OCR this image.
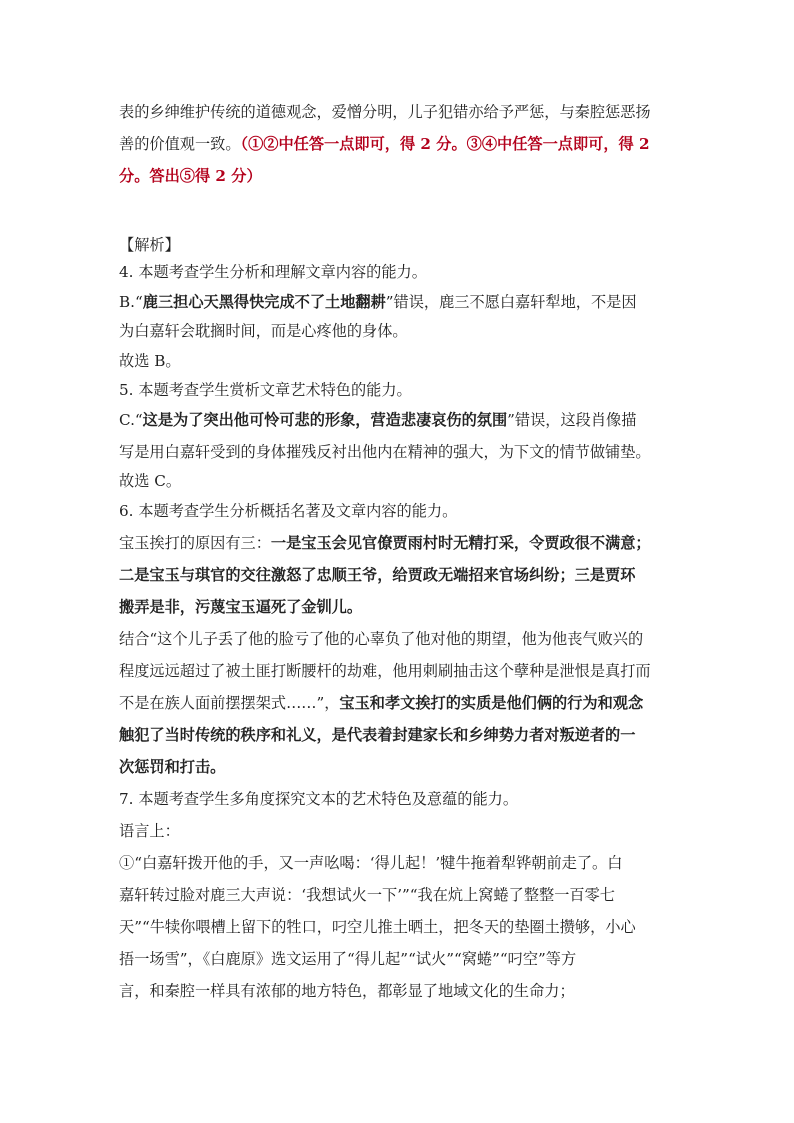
表的乡绅维护传统的道德观念，爱憎分明，儿子犯错亦给予严惩，与秦腔惩恶扬

善的价值观一致。（①②中任答一点即可，得 2 分。③④中任答一点即可，得 2

分。答出⑤得 2 分）

【解析】

4. 本题考查学生分析和理解文章内容的能力。

B.“鹿三担心天黑得快完成不了土地翻耕”错误，鹿三不愿白嘉轩犁地，不是因

为白嘉轩会耽搁时间，而是心疼他的身体。

故选 B。

5. 本题考查学生赏析文章艺术特色的能力。

C.“这是为了突出他可怜可悲的形象，营造悲凄哀伤的氛围”错误，这段肖像描

写是用白嘉轩受到的身体摧残反衬出他内在精神的强大，为下文的情节做铺垫。

故选 C。

6. 本题考查学生分析概括名著及文章内容的能力。

宝玉挨打的原因有三：一是宝玉会见官僚贾雨村时无精打采，令贾政很不满意；

二是宝玉与琪官的交往激怒了忠顺王爷，给贾政无端招来官场纠纷；三是贾环

搬弄是非，污蔑宝玉逼死了金钏儿。

结合“这个儿子丢了他的脸亏了他的心辜负了他对他的期望，他为他丧气败兴的

程度远远超过了被土匪打断腰杆的劫难，他用刺刷抽击这个孽种是泄恨是真打而

不是在族人面前摆摆架式……”，宝玉和孝文挨打的实质是他们俩的行为和观念

触犯了当时传统的秩序和礼义，是代表着封建家长和乡绅势力者对叛逆者的一

次惩罚和打击。

7. 本题考查学生多角度探究文本的艺术特色及意蕴的能力。

语言上：

①“白嘉轩拨开他的手，又一声吆喝：‘得儿起！’犍牛拖着犁铧朝前走了。白

嘉轩转过脸对鹿三大声说：‘我想试火一下’”“我在炕上窝蜷了整整一百零七

天”“牛犊你喂槽上留下的牲口，叼空儿推土晒土，把冬天的垫圈土攒够，小心

捂一场雪”，《白鹿原》选文运用了“得儿起”“试火”“窝蜷”“叼空”等方

言，和秦腔一样具有浓郁的地方特色，都彰显了地域文化的生命力；
